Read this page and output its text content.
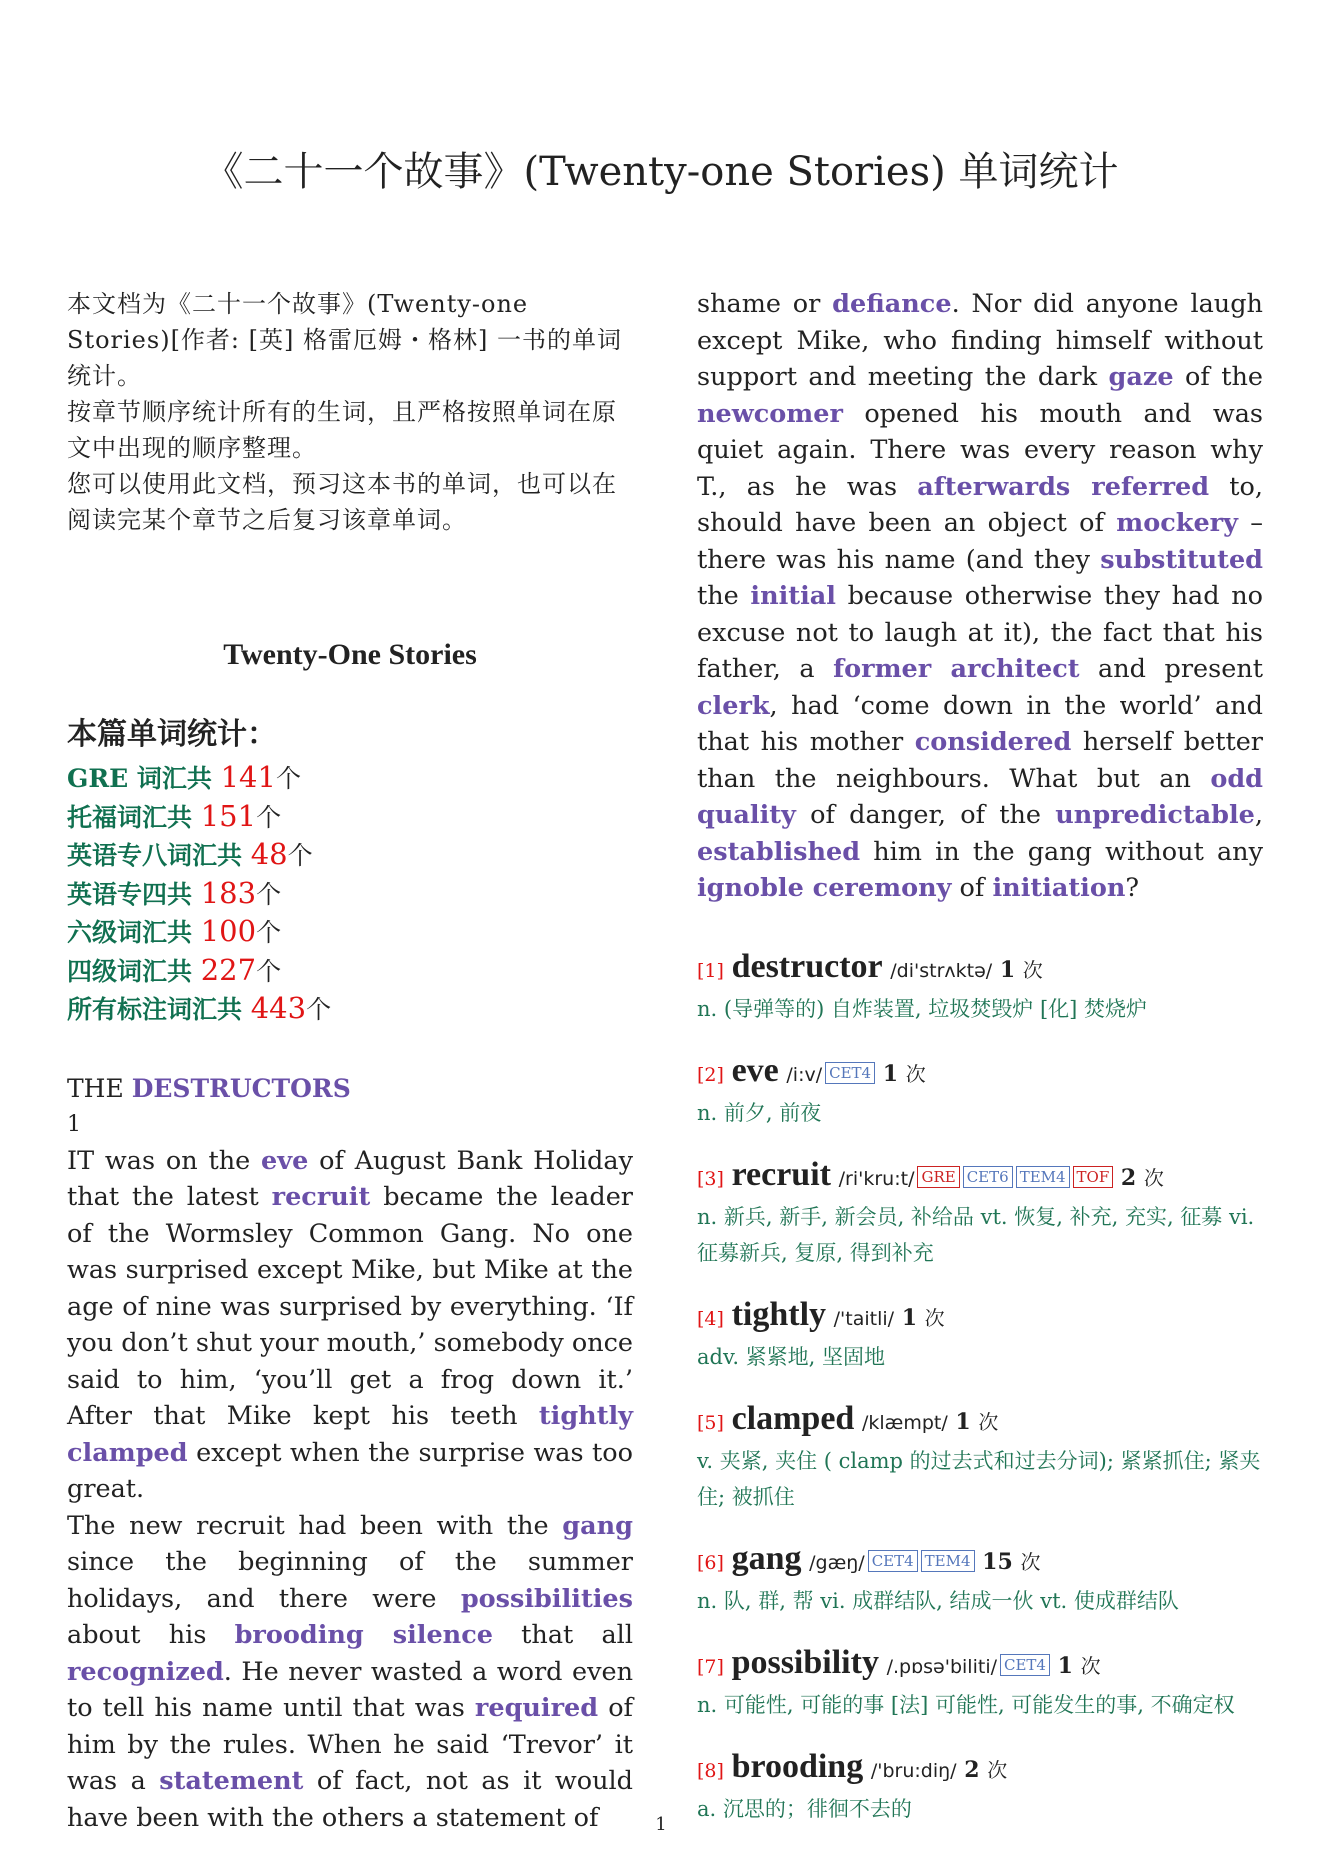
《二十一个故事》(Twenty-one Stories) 单词统计

本文档为《二十一个故事》(Twenty-one Stories)[作者: [英] 格雷厄姆・格林] 一书的单词统计。

按章节顺序统计所有的生词，且严格按照单词在原文中出现的顺序整理。

您可以使用此文档，预习这本书的单词，也可以在阅读完某个章节之后复习该章单词。

Twenty-One Stories
本篇单词统计：
GRE 词汇共 141个
托福词汇共 151个
英语专八词汇共 48个
英语专四共 183个
六级词汇共 100个
四级词汇共 227个
所有标注词汇共 443个
THE DESTRUCTORS
1

IT was on the eve of August Bank Holiday that the latest recruit became the leader of the Wormsley Common Gang. No one was surprised except Mike, but Mike at the age of nine was surprised by everything. ‘If you don’t shut your mouth,’ somebody once said to him, ‘you’ll get a frog down it.’ After that Mike kept his teeth tightly clamped except when the surprise was too great.

The new recruit had been with the gang since the beginning of the summer holidays, and there were possibilities about his brooding silence that all recognized. He never wasted a word even to tell his name until that was required of him by the rules. When he said ‘Trevor’ it was a statement of fact, not as it would have been with the others a statement of

shame or defiance. Nor did anyone laugh except Mike, who finding himself without support and meeting the dark gaze of the newcomer opened his mouth and was quiet again. There was every reason why T., as he was afterwards referred to, should have been an object of mockery –there was his name (and they substituted the initial because otherwise they had no excuse not to laugh at it), the fact that his father, a former architect and present clerk, had ‘come down in the world’ and that his mother considered herself better than the neighbours. What but an odd quality of danger, of the unpredictable, established him in the gang without any ignoble ceremony of initiation?

[1] destructor /di'strʌktə/ 1 次
n. (导弹等的) 自炸装置, 垃圾焚毁炉 [化] 焚烧炉
[2] eve /i:v/ CET4 1 次
n. 前夕, 前夜
[3] recruit /ri'kru:t/ GRE CET6 TEM4 TOF 2 次
n. 新兵, 新手, 新会员, 补给品 vt. 恢复, 补充, 充实, 征募 vi. 征募新兵, 复原, 得到补充
[4] tightly /'taitli/ 1 次
adv. 紧紧地, 坚固地
[5] clamped /klæmpt/ 1 次
v. 夹紧, 夹住 ( clamp 的过去式和过去分词); 紧紧抓住; 紧夹住; 被抓住
[6] gang /gæŋ/ CET4 TEM4 15 次
n. 队, 群, 帮 vi. 成群结队, 结成一伙 vt. 使成群结队
[7] possibility /.pɒsə'biliti/ CET4 1 次
n. 可能性, 可能的事 [法] 可能性, 可能发生的事, 不确定权
[8] brooding /'bru:diŋ/ 2 次
a. 沉思的；徘徊不去的
1
